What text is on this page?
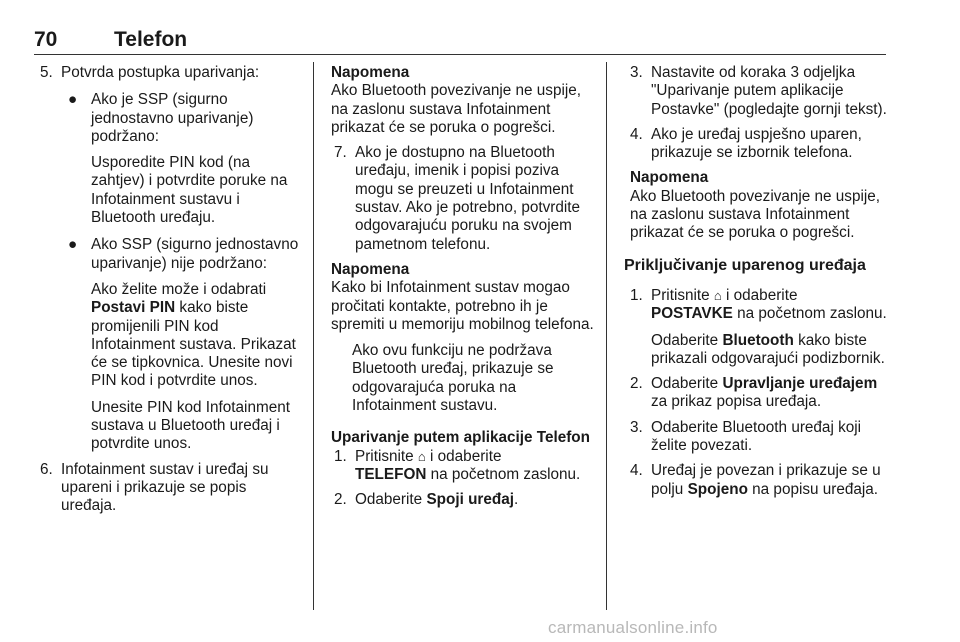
70	Telefon
5. Potvrda postupka uparivanja:
● Ako je SSP (sigurno jednostavno uparivanje) podržano:

Usporedite PIN kod (na zahtjev) i potvrdite poruke na Infotainment sustavu i Bluetooth uređaju.

● Ako SSP (sigurno jednostavno uparivanje) nije podržano:

Ako želite može i odabrati Postavi PIN kako biste promijenili PIN kod Infotainment sustava. Prikazat će se tipkovnica. Unesite novi PIN kod i potvrdite unos.

Unesite PIN kod Infotainment sustava u Bluetooth uređaj i potvrdite unos.

6. Infotainment sustav i uređaj su upareni i prikazuje se popis uređaja.

Napomena

Ako Bluetooth povezivanje ne uspije, na zaslonu sustava Infotainment prikazat će se poruka o pogrešci.

7. Ako je dostupno na Bluetooth uređaju, imenik i popisi poziva mogu se preuzeti u Infotainment sustav. Ako je potrebno, potvrdite odgovarajuću poruku na svojem pametnom telefonu.

Napomena

Kako bi Infotainment sustav mogao pročitati kontakte, potrebno ih je spremiti u memoriju mobilnog telefona.

Ako ovu funkciju ne podržava Bluetooth uređaj, prikazuje se odgovarajuća poruka na Infotainment sustavu.

Uparivanje putem aplikacije Telefon

1. Pritisnite ⌂ i odaberite
TELEFON na početnom zaslonu.
2. Odaberite Spoji uređaj.
3. Nastavite od koraka 3 odjeljka "Uparivanje putem aplikacije Postavke" (pogledajte gornji tekst).
4. Ako je uređaj uspješno uparen, prikazuje se izbornik telefona.

Napomena

Ako Bluetooth povezivanje ne uspije, na zaslonu sustava Infotainment prikazat će se poruka o pogrešci.

Priključivanje uparenog uređaja

1. Pritisnite ⌂ i odaberite
POSTAVKE na početnom zaslonu.

Odaberite Bluetooth kako biste prikazali odgovarajući podizbornik.

2. Odaberite Upravljanje uređajem za prikaz popisa uređaja.
3. Odaberite Bluetooth uređaj koji želite povezati.
4. Uređaj je povezan i prikazuje se u polju Spojeno na popisu uređaja.
carmanualsonline.info
